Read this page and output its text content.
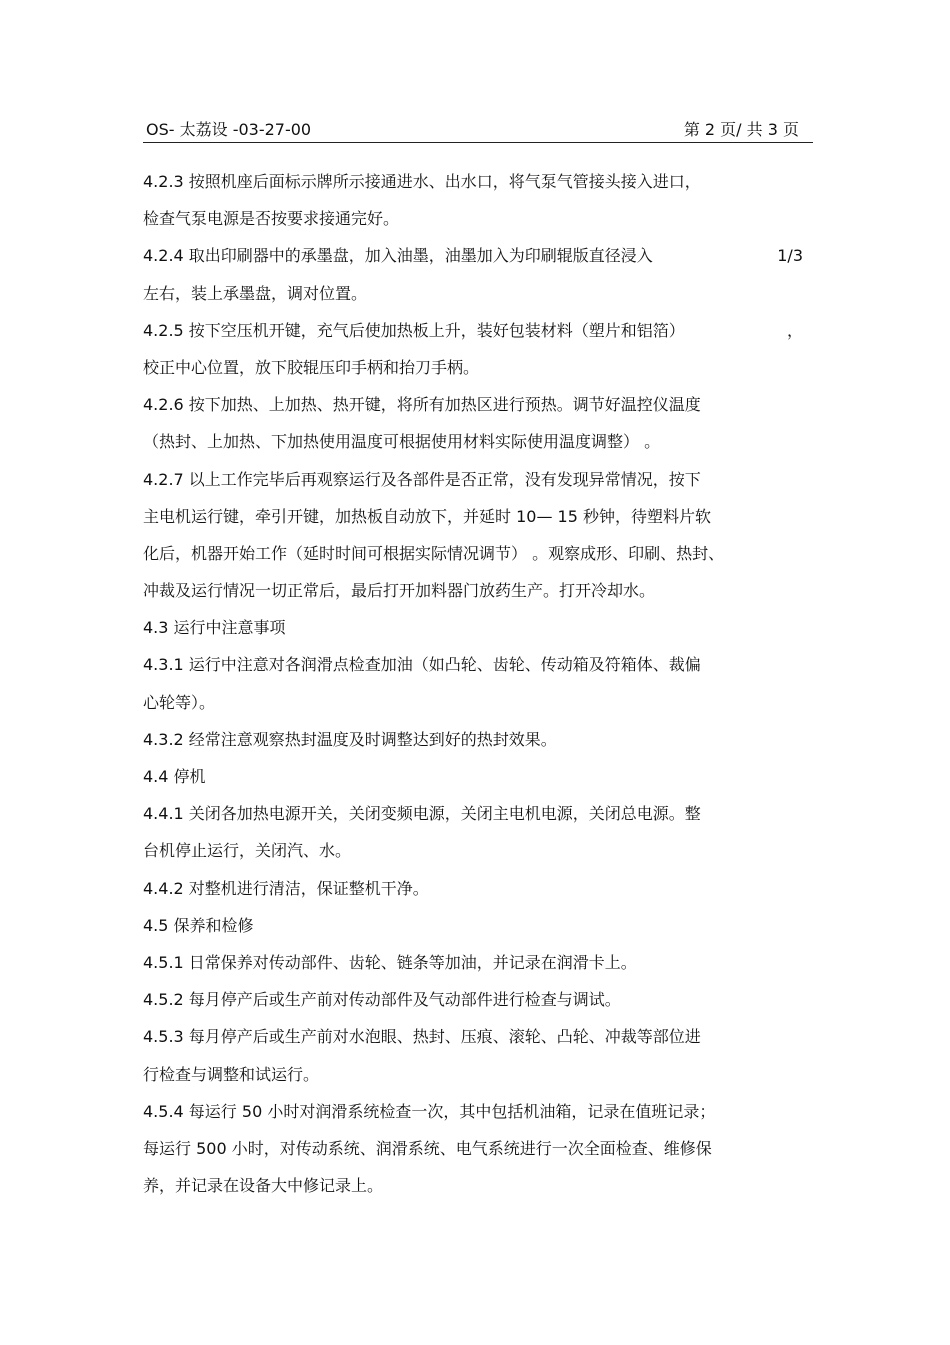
OS- 太荔设 -03-27-00	第 2 页/ 共 3 页
4.2.3 按照机座后面标示牌所示接通进水、出水口，将气泵气管接头接入进口，
检查气泵电源是否按要求接通完好。
4.2.4 取出印刷器中的承墨盘，加入油墨，油墨加入为印刷辊版直径浸入	1/3
左右，装上承墨盘，调对位置。
4.2.5 按下空压机开键，充气后使加热板上升，装好包装材料（塑片和铝箔）	，
校正中心位置，放下胶辊压印手柄和抬刀手柄。
4.2.6 按下加热、上加热、热开键，将所有加热区进行预热。调节好温控仪温度
（热封、上加热、下加热使用温度可根据使用材料实际使用温度调整） 。
4.2.7 以上工作完毕后再观察运行及各部件是否正常，没有发现异常情况，按下
主电机运行键，牵引开键，加热板自动放下，并延时 10— 15 秒钟，待塑料片软
化后，机器开始工作（延时时间可根据实际情况调节） 。观察成形、印刷、热封、
冲裁及运行情况一切正常后，最后打开加料器门放药生产。打开冷却水。
4.3 运行中注意事项
4.3.1 运行中注意对各润滑点检查加油（如凸轮、齿轮、传动箱及符箱体、裁偏
心轮等）。
4.3.2 经常注意观察热封温度及时调整达到好的热封效果。
4.4 停机
4.4.1 关闭各加热电源开关，关闭变频电源，关闭主电机电源，关闭总电源。整
台机停止运行，关闭汽、水。
4.4.2 对整机进行清洁，保证整机干净。
4.5 保养和检修
4.5.1 日常保养对传动部件、齿轮、链条等加油，并记录在润滑卡上。
4.5.2 每月停产后或生产前对传动部件及气动部件进行检查与调试。
4.5.3 每月停产后或生产前对水泡眼、热封、压痕、滚轮、凸轮、冲裁等部位进
行检查与调整和试运行。
4.5.4 每运行 50 小时对润滑系统检查一次，其中包括机油箱，记录在值班记录；
每运行 500 小时，对传动系统、润滑系统、电气系统进行一次全面检查、维修保
养，并记录在设备大中修记录上。
